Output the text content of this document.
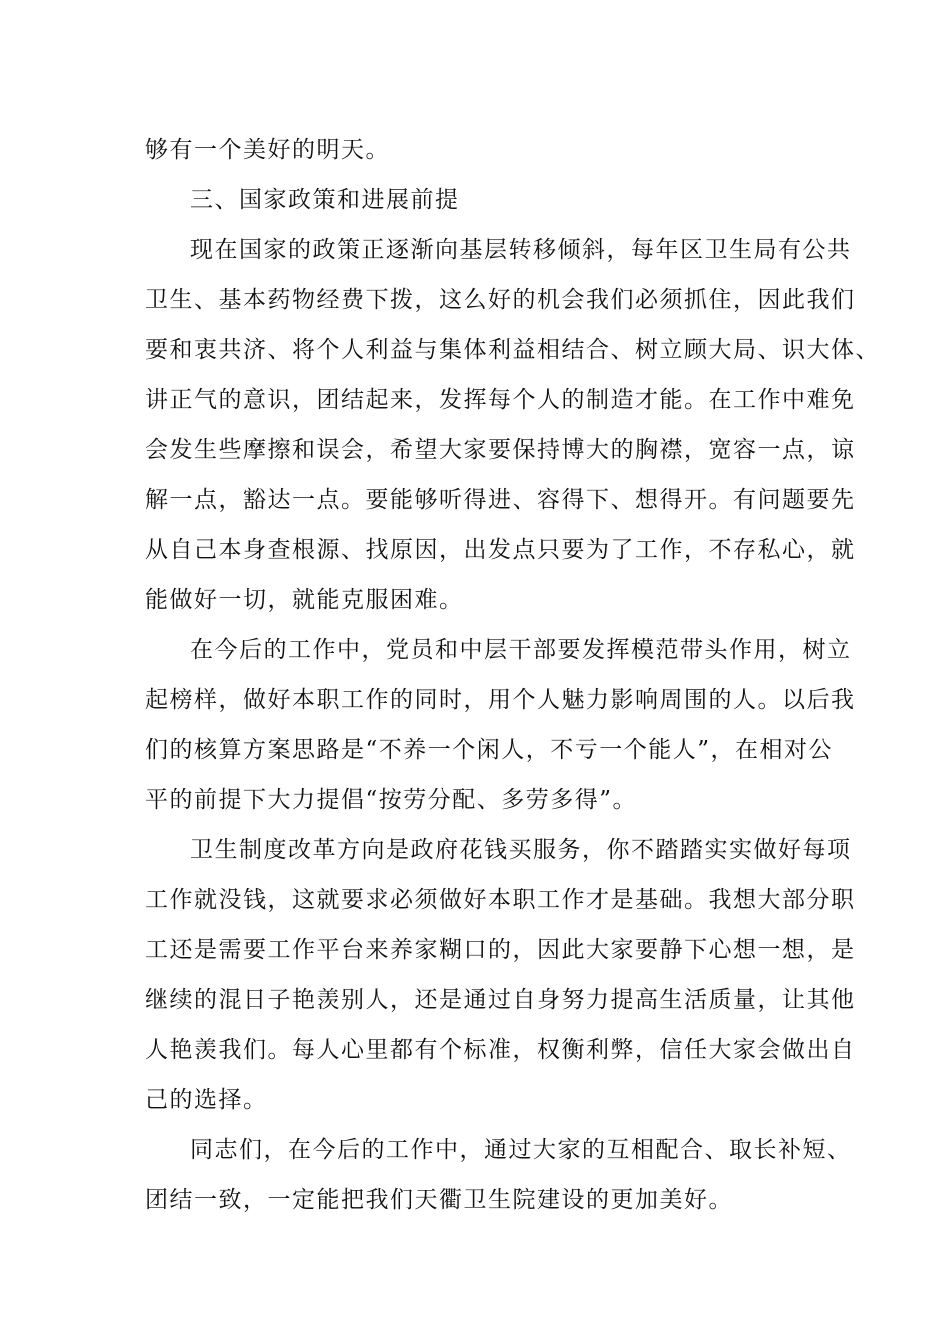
够有一个美好的明天。
三、国家政策和进展前提
现在国家的政策正逐渐向基层转移倾斜，每年区卫生局有公共
卫生、基本药物经费下拨，这么好的机会我们必须抓住，因此我们
要和衷共济、将个人利益与集体利益相结合、树立顾大局、识大体、
讲正气的意识，团结起来，发挥每个人的制造才能。在工作中难免
会发生些摩擦和误会，希望大家要保持博大的胸襟，宽容一点，谅
解一点，豁达一点。要能够听得进、容得下、想得开。有问题要先
从自己本身查根源、找原因，出发点只要为了工作，不存私心，就
能做好一切，就能克服困难。
在今后的工作中，党员和中层干部要发挥模范带头作用，树立
起榜样，做好本职工作的同时，用个人魅力影响周围的人。以后我
们的核算方案思路是“不养一个闲人，不亏一个能人”，在相对公
平的前提下大力提倡“按劳分配、多劳多得”。
卫生制度改革方向是政府花钱买服务，你不踏踏实实做好每项
工作就没钱，这就要求必须做好本职工作才是基础。我想大部分职
工还是需要工作平台来养家糊口的，因此大家要静下心想一想，是
继续的混日子艳羡别人，还是通过自身努力提高生活质量，让其他
人艳羡我们。每人心里都有个标准，权衡利弊，信任大家会做出自
己的选择。
同志们，在今后的工作中，通过大家的互相配合、取长补短、
团结一致，一定能把我们天衢卫生院建设的更加美好。
